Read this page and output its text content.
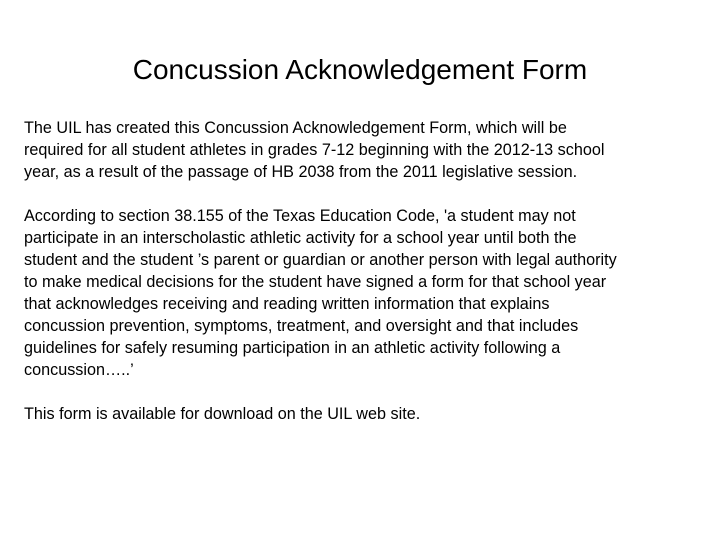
Concussion Acknowledgement Form

The UIL has created this Concussion Acknowledgement Form, which will be
required for all student athletes in grades 7-12 beginning with the 2012-13 school
year, as a result of the passage of HB 2038 from the 2011 legislative session.

According to section 38.155 of the Texas Education Code, 'a student may not
participate in an interscholastic athletic activity for a school year until both the
student and the student ’s parent or guardian or another person with legal authority
to make medical decisions for the student have signed a form for that school year
that acknowledges receiving and reading written information that explains
concussion prevention, symptoms, treatment, and oversight and that includes
guidelines for safely resuming participation in an athletic activity following a
concussion…..’

This form is available for download on the UIL web site.
